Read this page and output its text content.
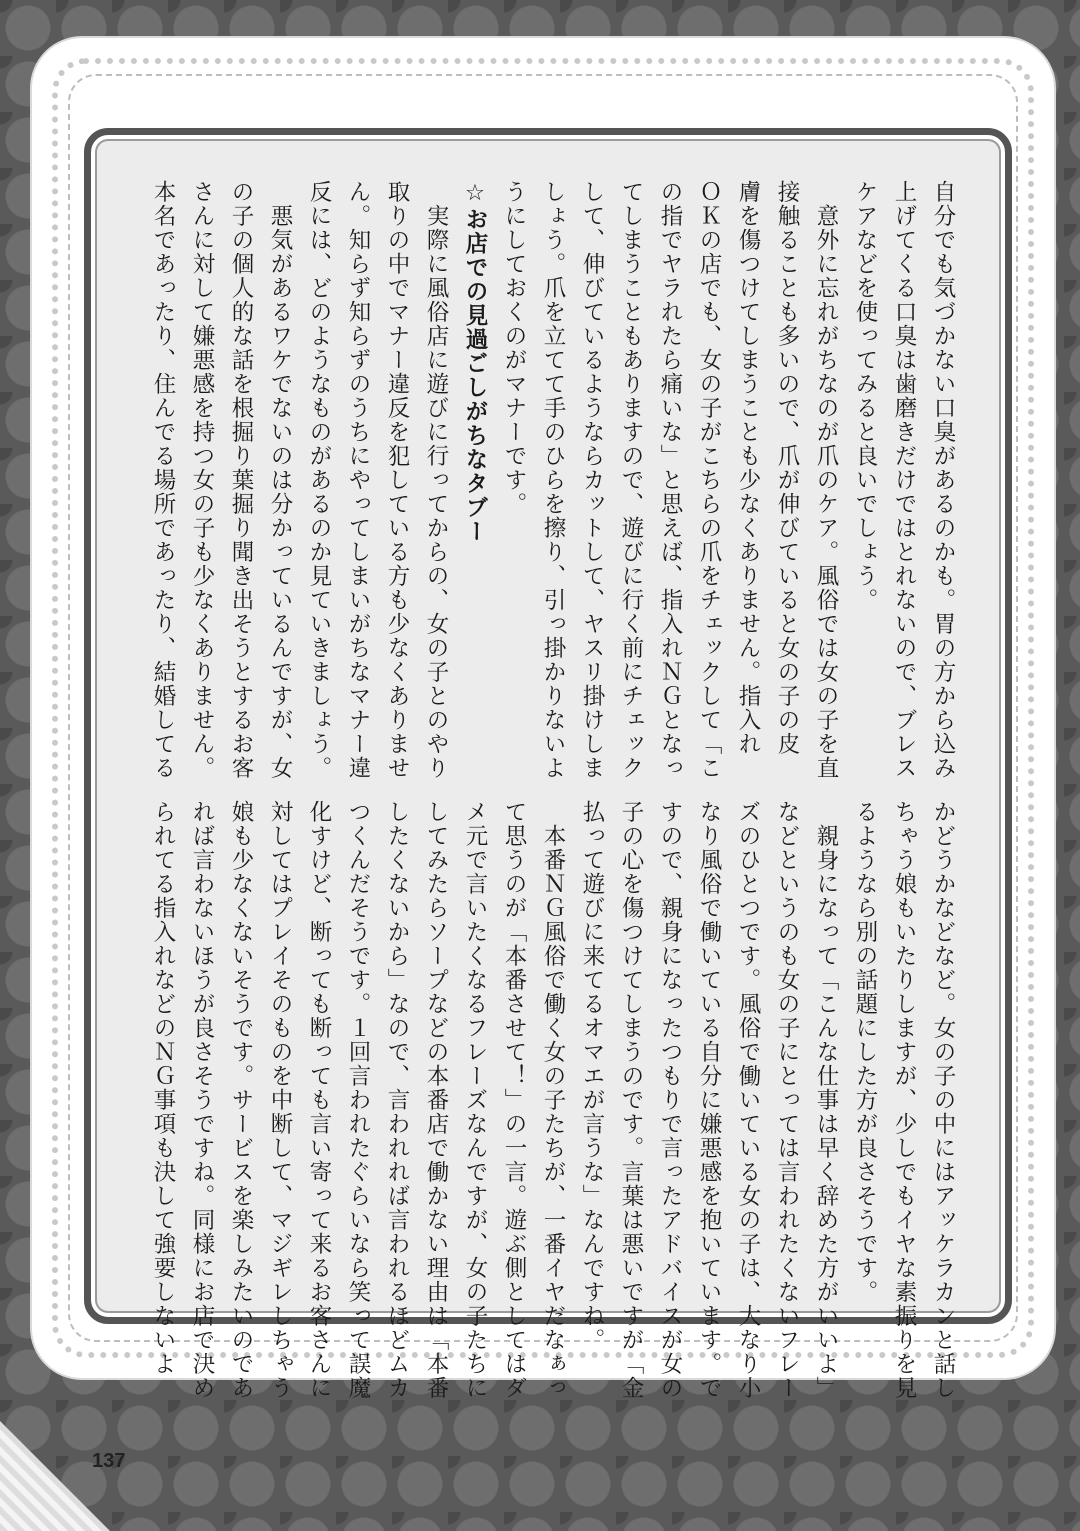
自分でも気づかない口臭があるのかも。胃の方から込み
上げてくる口臭は歯磨きだけではとれないので、ブレス
ケアなどを使ってみると良いでしょう。
　意外に忘れがちなのが爪のケア。風俗では女の子を直
接触ることも多いので、爪が伸びていると女の子の皮
膚を傷つけてしまうことも少なくありません。指入れ
ＯＫの店でも、女の子がこちらの爪をチェックして「こ
の指でヤラれたら痛いな」と思えば、指入れＮＧとなっ
てしまうこともありますので、遊びに行く前にチェック
して、伸びているようならカットして、ヤスリ掛けしま
しょう。爪を立てて手のひらを擦り、引っ掛かりないよ
うにしておくのがマナーです。
☆お店での見過ごしがちなタブー
　実際に風俗店に遊びに行ってからの、女の子とのやり
取りの中でマナー違反を犯している方も少なくありませ
ん。知らず知らずのうちにやってしまいがちなマナー違
反には、どのようなものがあるのか見ていきましょう。
　悪気があるワケでないのは分かっているんですが、女
の子の個人的な話を根掘り葉掘り聞き出そうとするお客
さんに対して嫌悪感を持つ女の子も少なくありません。
本名であったり、住んでる場所であったり、結婚してる
かどうかなどなど。女の子の中にはアッケラカンと話し
ちゃう娘もいたりしますが、少しでもイヤな素振りを見
るようなら別の話題にした方が良さそうです。
　親身になって「こんな仕事は早く辞めた方がいいよ」
などというのも女の子にとっては言われたくないフレー
ズのひとつです。風俗で働いている女の子は、大なり小
なり風俗で働いている自分に嫌悪感を抱いています。で
すので、親身になったつもりで言ったアドバイスが女の
子の心を傷つけてしまうのです。言葉は悪いですが「金
払って遊びに来てるオマエが言うな」なんですね。
　本番ＮＧ風俗で働く女の子たちが、一番イヤだなぁっ
て思うのが「本番させて！」の一言。遊ぶ側としてはダ
メ元で言いたくなるフレーズなんですが、女の子たちに
してみたらソープなどの本番店で働かない理由は「本番
したくないから」なので、言われれば言われるほどムカ
つくんだそうです。１回言われたぐらいなら笑って誤魔
化すけど、断っても断っても言い寄って来るお客さんに
対してはプレイそのものを中断して、マジギレしちゃう
娘も少なくないそうです。サービスを楽しみたいのであ
れば言わないほうが良さそうですね。同様にお店で決め
られてる指入れなどのＮＧ事項も決して強要しないよ
137
